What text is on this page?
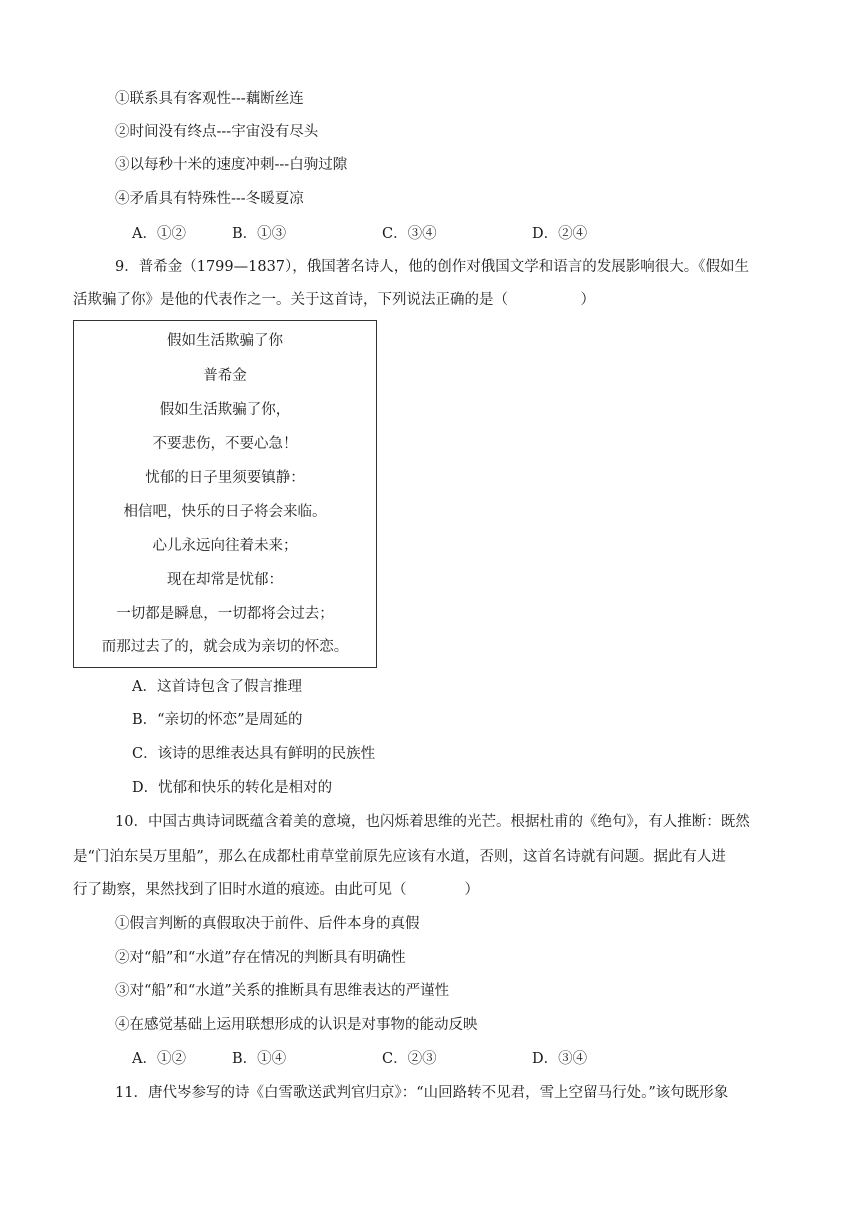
①联系具有客观性---藕断丝连
②时间没有终点---宇宙没有尽头
③以每秒十米的速度冲刺---白驹过隙
④矛盾具有特殊性---冬暖夏凉
A．①②	B．①③	C．③④	D．②④
9．普希金（1799—1837），俄国著名诗人，他的创作对俄国文学和语言的发展影响很大。《假如生
活欺骗了你》是他的代表作之一。关于这首诗，下列说法正确的是（　　　　　）
假如生活欺骗了你
普希金
假如生活欺骗了你，
不要悲伤，不要心急！
忧郁的日子里须要镇静：
相信吧，快乐的日子将会来临。
心儿永远向往着未来；
现在却常是忧郁：
一切都是瞬息，一切都将会过去；
而那过去了的，就会成为亲切的怀恋。
A．这首诗包含了假言推理
B．“亲切的怀恋”是周延的
C．该诗的思维表达具有鲜明的民族性
D．忧郁和快乐的转化是相对的
10．中国古典诗词既蕴含着美的意境，也闪烁着思维的光芒。根据杜甫的《绝句》，有人推断：既然
是“门泊东吴万里船”，那么在成都杜甫草堂前原先应该有水道，否则，这首名诗就有问题。据此有人进
行了勘察，果然找到了旧时水道的痕迹。由此可见（　　　　）
①假言判断的真假取决于前件、后件本身的真假
②对“船”和“水道”存在情况的判断具有明确性
③对“船”和“水道”关系的推断具有思维表达的严谨性
④在感觉基础上运用联想形成的认识是对事物的能动反映
A．①②	B．①④	C．②③	D．③④
11．唐代岑参写的诗《白雪歌送武判官归京》：“山回路转不见君，雪上空留马行处。”该句既形象
